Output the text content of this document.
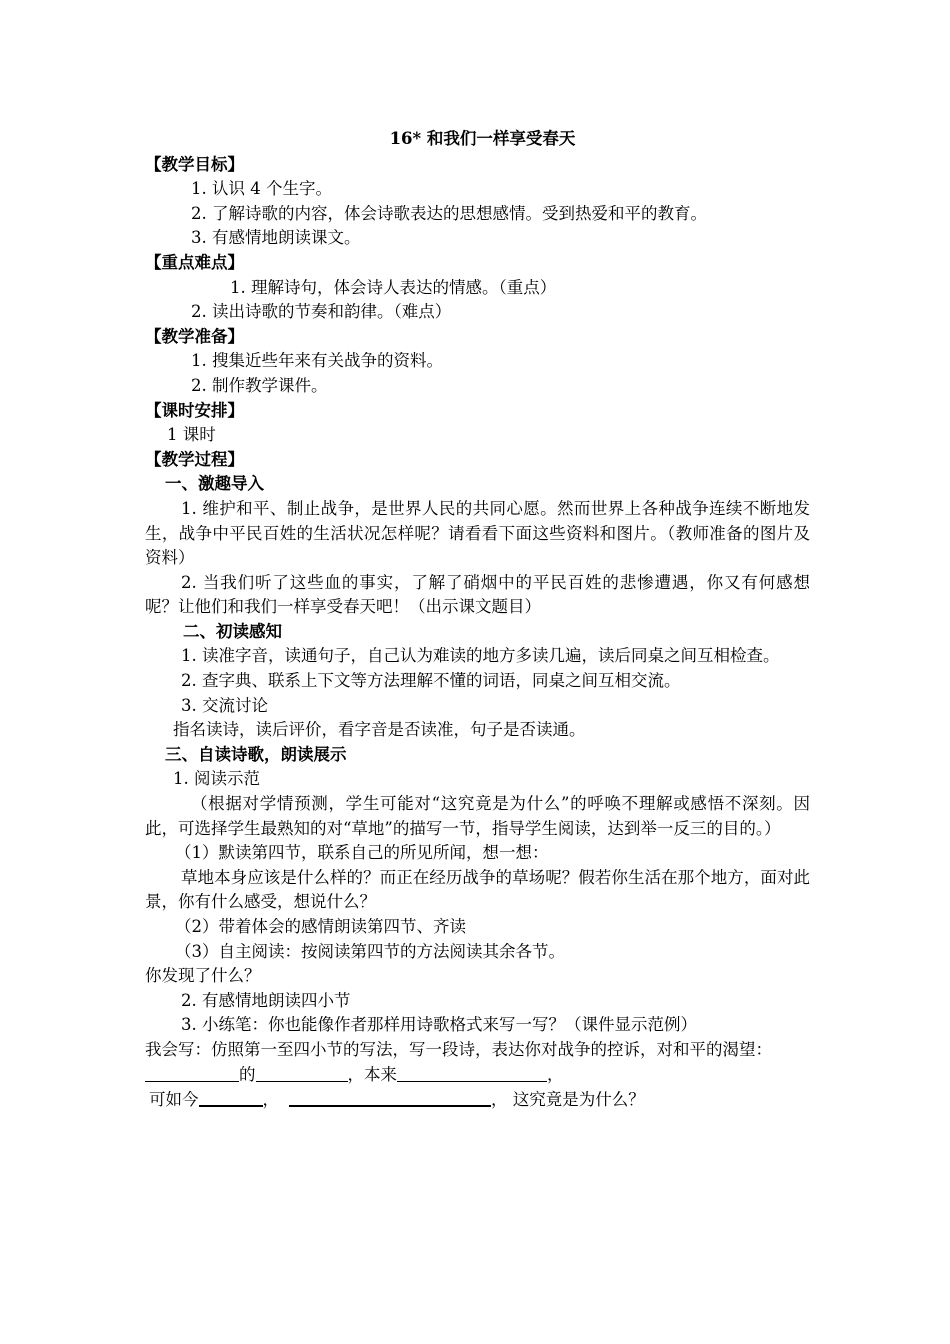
16* 和我们一样享受春天
【教学目标】
1. 认识 4 个生字。
2. 了解诗歌的内容，体会诗歌表达的思想感情。受到热爱和平的教育。
3. 有感情地朗读课文。
【重点难点】
1. 理解诗句，体会诗人表达的情感。（重点）
2. 读出诗歌的节奏和韵律。（难点）
【教学准备】
1. 搜集近些年来有关战争的资料。
2. 制作教学课件。
【课时安排】
1 课时
【教学过程】
一、激趣导入
1. 维护和平、制止战争，是世界人民的共同心愿。然而世界上各种战争连续不断地发生，战争中平民百姓的生活状况怎样呢？请看看下面这些资料和图片。（教师准备的图片及资料）
2. 当我们听了这些血的事实，了解了硝烟中的平民百姓的悲惨遭遇，你又有何感想呢？让他们和我们一样享受春天吧！（出示课文题目）
二、初读感知
1. 读准字音，读通句子，自己认为难读的地方多读几遍，读后同桌之间互相检查。
2. 查字典、联系上下文等方法理解不懂的词语，同桌之间互相交流。
3. 交流讨论
指名读诗，读后评价，看字音是否读准，句子是否读通。
三、自读诗歌，朗读展示
1. 阅读示范
（根据对学情预测，学生可能对“这究竟是为什么”的呼唤不理解或感悟不深刻。因此，可选择学生最熟知的对“草地”的描写一节，指导学生阅读，达到举一反三的目的。）
（1）默读第四节，联系自己的所见所闻，想一想：
草地本身应该是什么样的？而正在经历战争的草场呢？假若你生活在那个地方，面对此景，你有什么感受，想说什么？
（2）带着体会的感情朗读第四节、齐读
（3）自主阅读：按阅读第四节的方法阅读其余各节。
你发现了什么？
2. 有感情地朗读四小节
3. 小练笔：你也能像作者那样用诗歌格式来写一写？（课件显示范例）
我会写：仿照第一至四小节的写法，写一段诗，表达你对战争的控诉，对和平的渴望：
的	，本来	，
可如今	，	， 这究竟是为什么？
